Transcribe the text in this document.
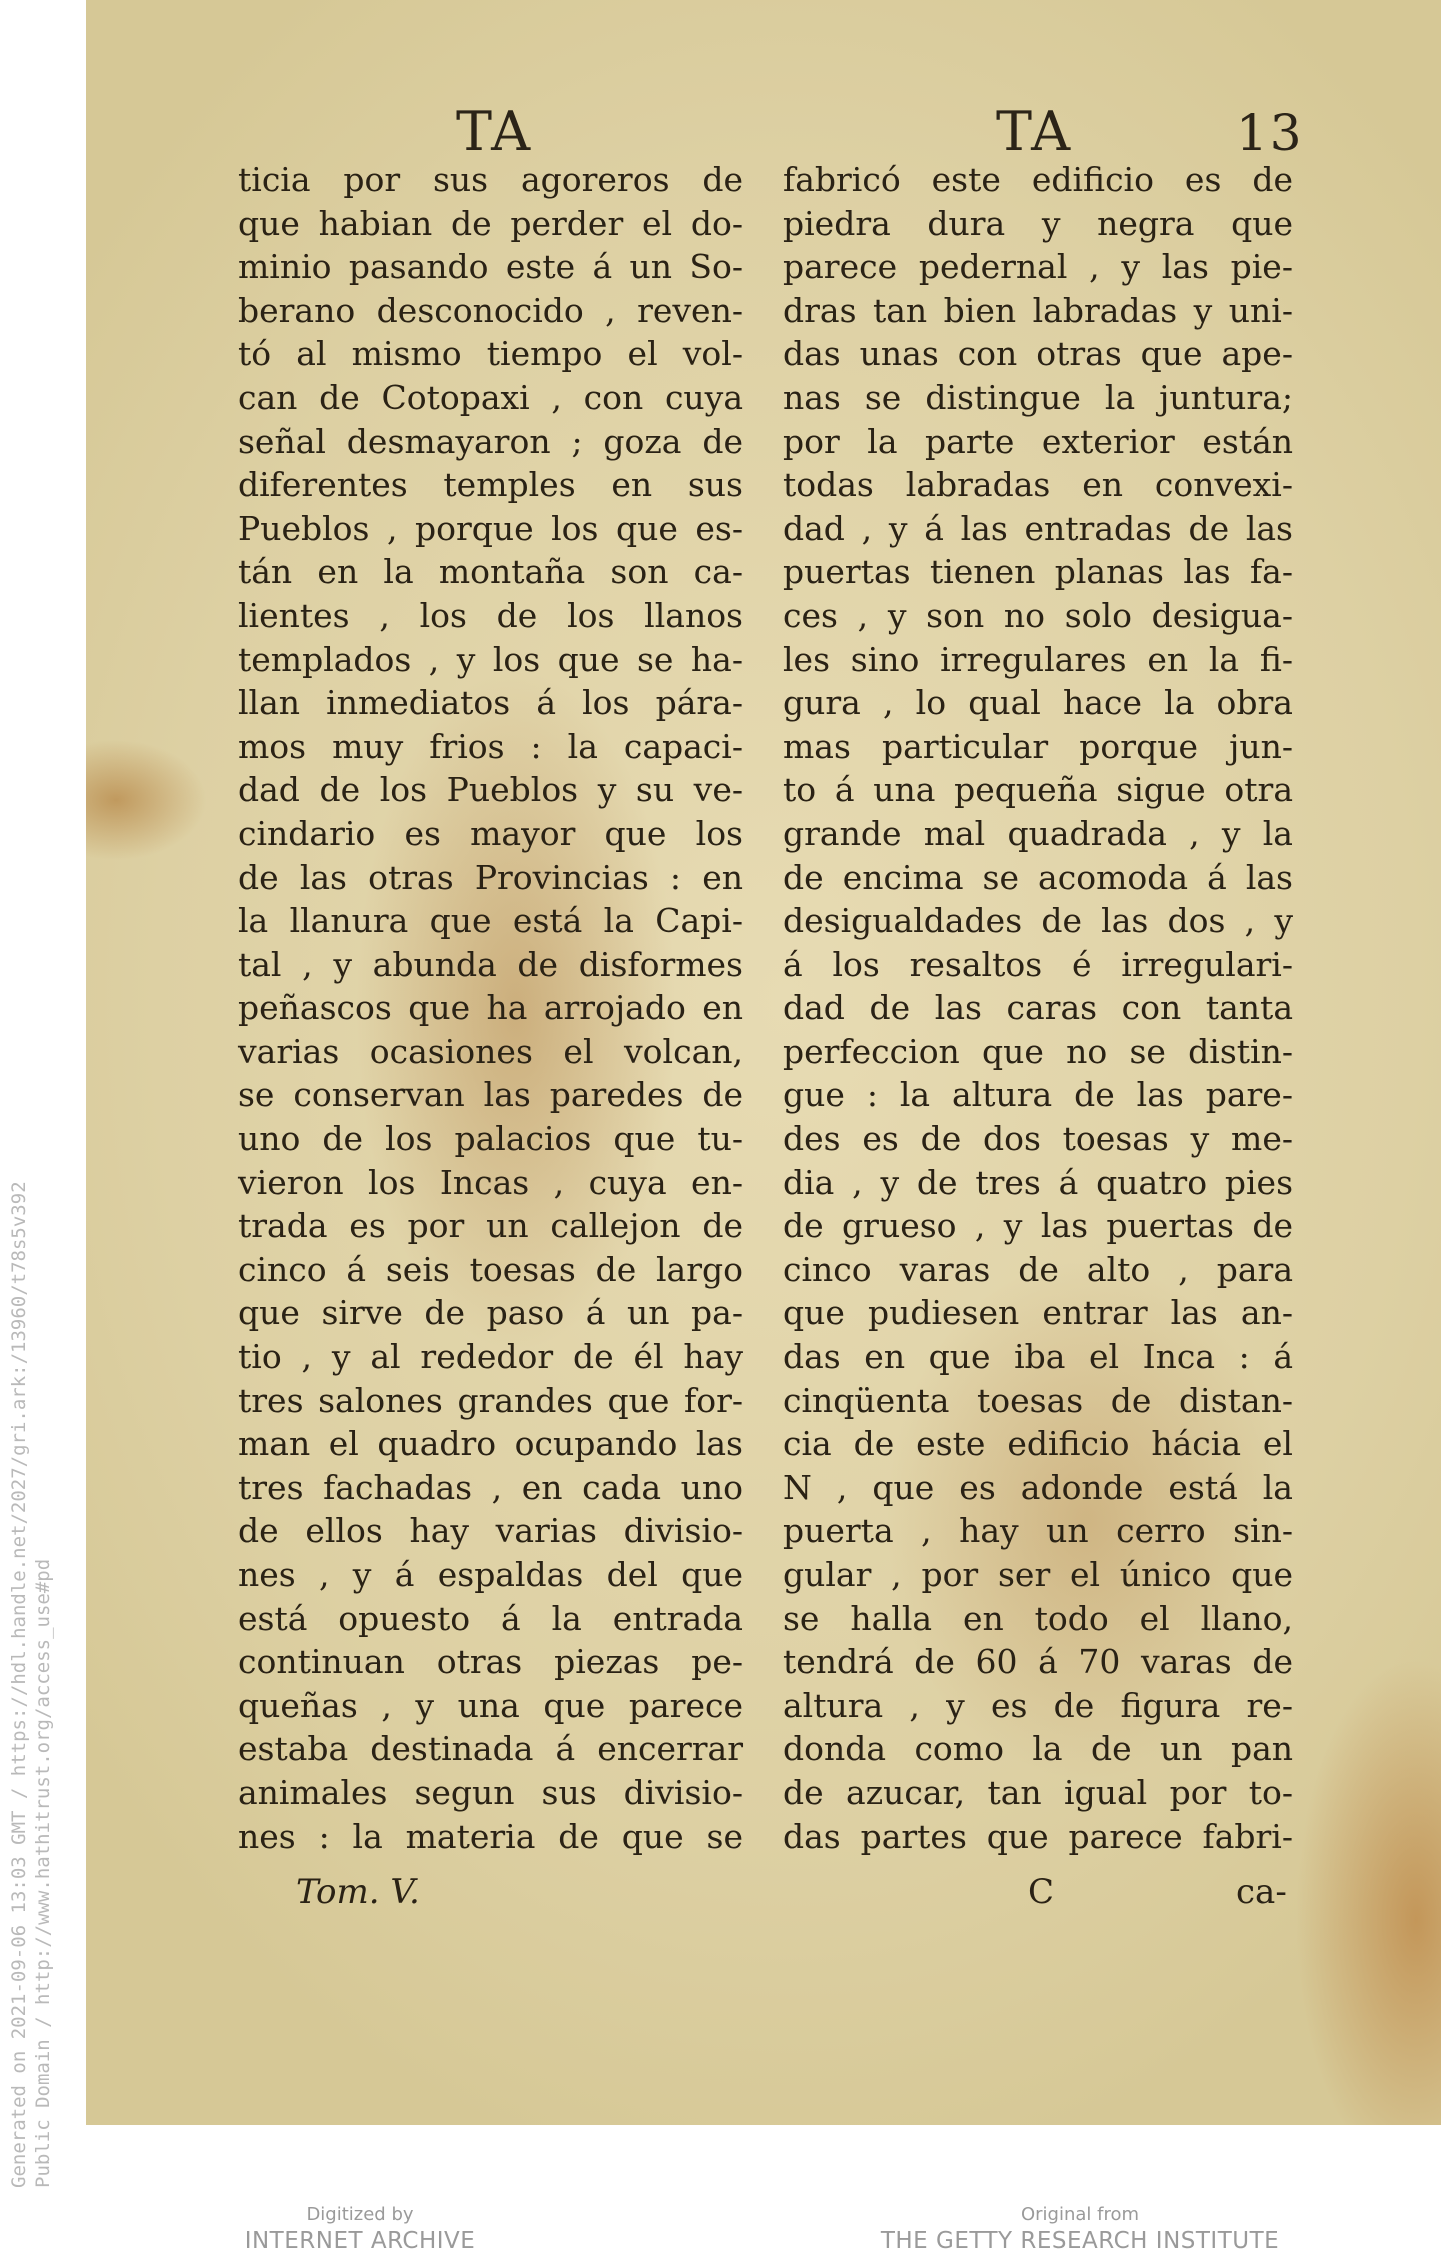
Generated on 2021-09-06 13:03 GMT / https://hdl.handle.net/2027/gri.ark:/13960/t78s5v392 Public Domain / http://www.hathitrust.org/access_use#pd
TA	TA	13
ticia por sus agoreros de
que habian de perder el do-
minio pasando este á un So-
berano desconocido , reven-
tó al mismo tiempo el vol-
can de Cotopaxi , con cuya
señal desmayaron ; goza de
diferentes temples en sus
Pueblos , porque los que es-
tán en la montaña son ca-
lientes , los de los llanos
templados , y los que se ha-
llan inmediatos á los pára-
mos muy frios : la capaci-
dad de los Pueblos y su ve-
cindario es mayor que los
de las otras Provincias : en
la llanura que está la Capi-
tal , y abunda de disformes
peñascos que ha arrojado en
varias ocasiones el volcan,
se conservan las paredes de
uno de los palacios que tu-
vieron los Incas , cuya en-
trada es por un callejon de
cinco á seis toesas de largo
que sirve de paso á un pa-
tio , y al rededor de él hay
tres salones grandes que for-
man el quadro ocupando las
tres fachadas , en cada uno
de ellos hay varias divisio-
nes , y á espaldas del que
está opuesto á la entrada
continuan otras piezas pe-
queñas , y una que parece
estaba destinada á encerrar
animales segun sus divisio-
nes : la materia de que se
fabricó este edificio es de
piedra dura y negra que
parece pedernal , y las pie-
dras tan bien labradas y uni-
das unas con otras que ape-
nas se distingue la juntura;
por la parte exterior están
todas labradas en convexi-
dad , y á las entradas de las
puertas tienen planas las fa-
ces , y son no solo desigua-
les sino irregulares en la fi-
gura , lo qual hace la obra
mas particular porque jun-
to á una pequeña sigue otra
grande mal quadrada , y la
de encima se acomoda á las
desigualdades de las dos , y
á los resaltos é irregulari-
dad de las caras con tanta
perfeccion que no se distin-
gue : la altura de las pare-
des es de dos toesas y me-
dia , y de tres á quatro pies
de grueso , y las puertas de
cinco varas de alto , para
que pudiesen entrar las an-
das en que iba el Inca : á
cinqüenta toesas de distan-
cia de este edificio hácia el
N , que es adonde está la
puerta , hay un cerro sin-
gular , por ser el único que
se halla en todo el llano,
tendrá de 60 á 70 varas de
altura , y es de figura re-
donda como la de un pan
de azucar, tan igual por to-
das partes que parece fabri-
Tom. V.	C	ca-
Digitized by
INTERNET ARCHIVE
Original from
THE GETTY RESEARCH INSTITUTE
